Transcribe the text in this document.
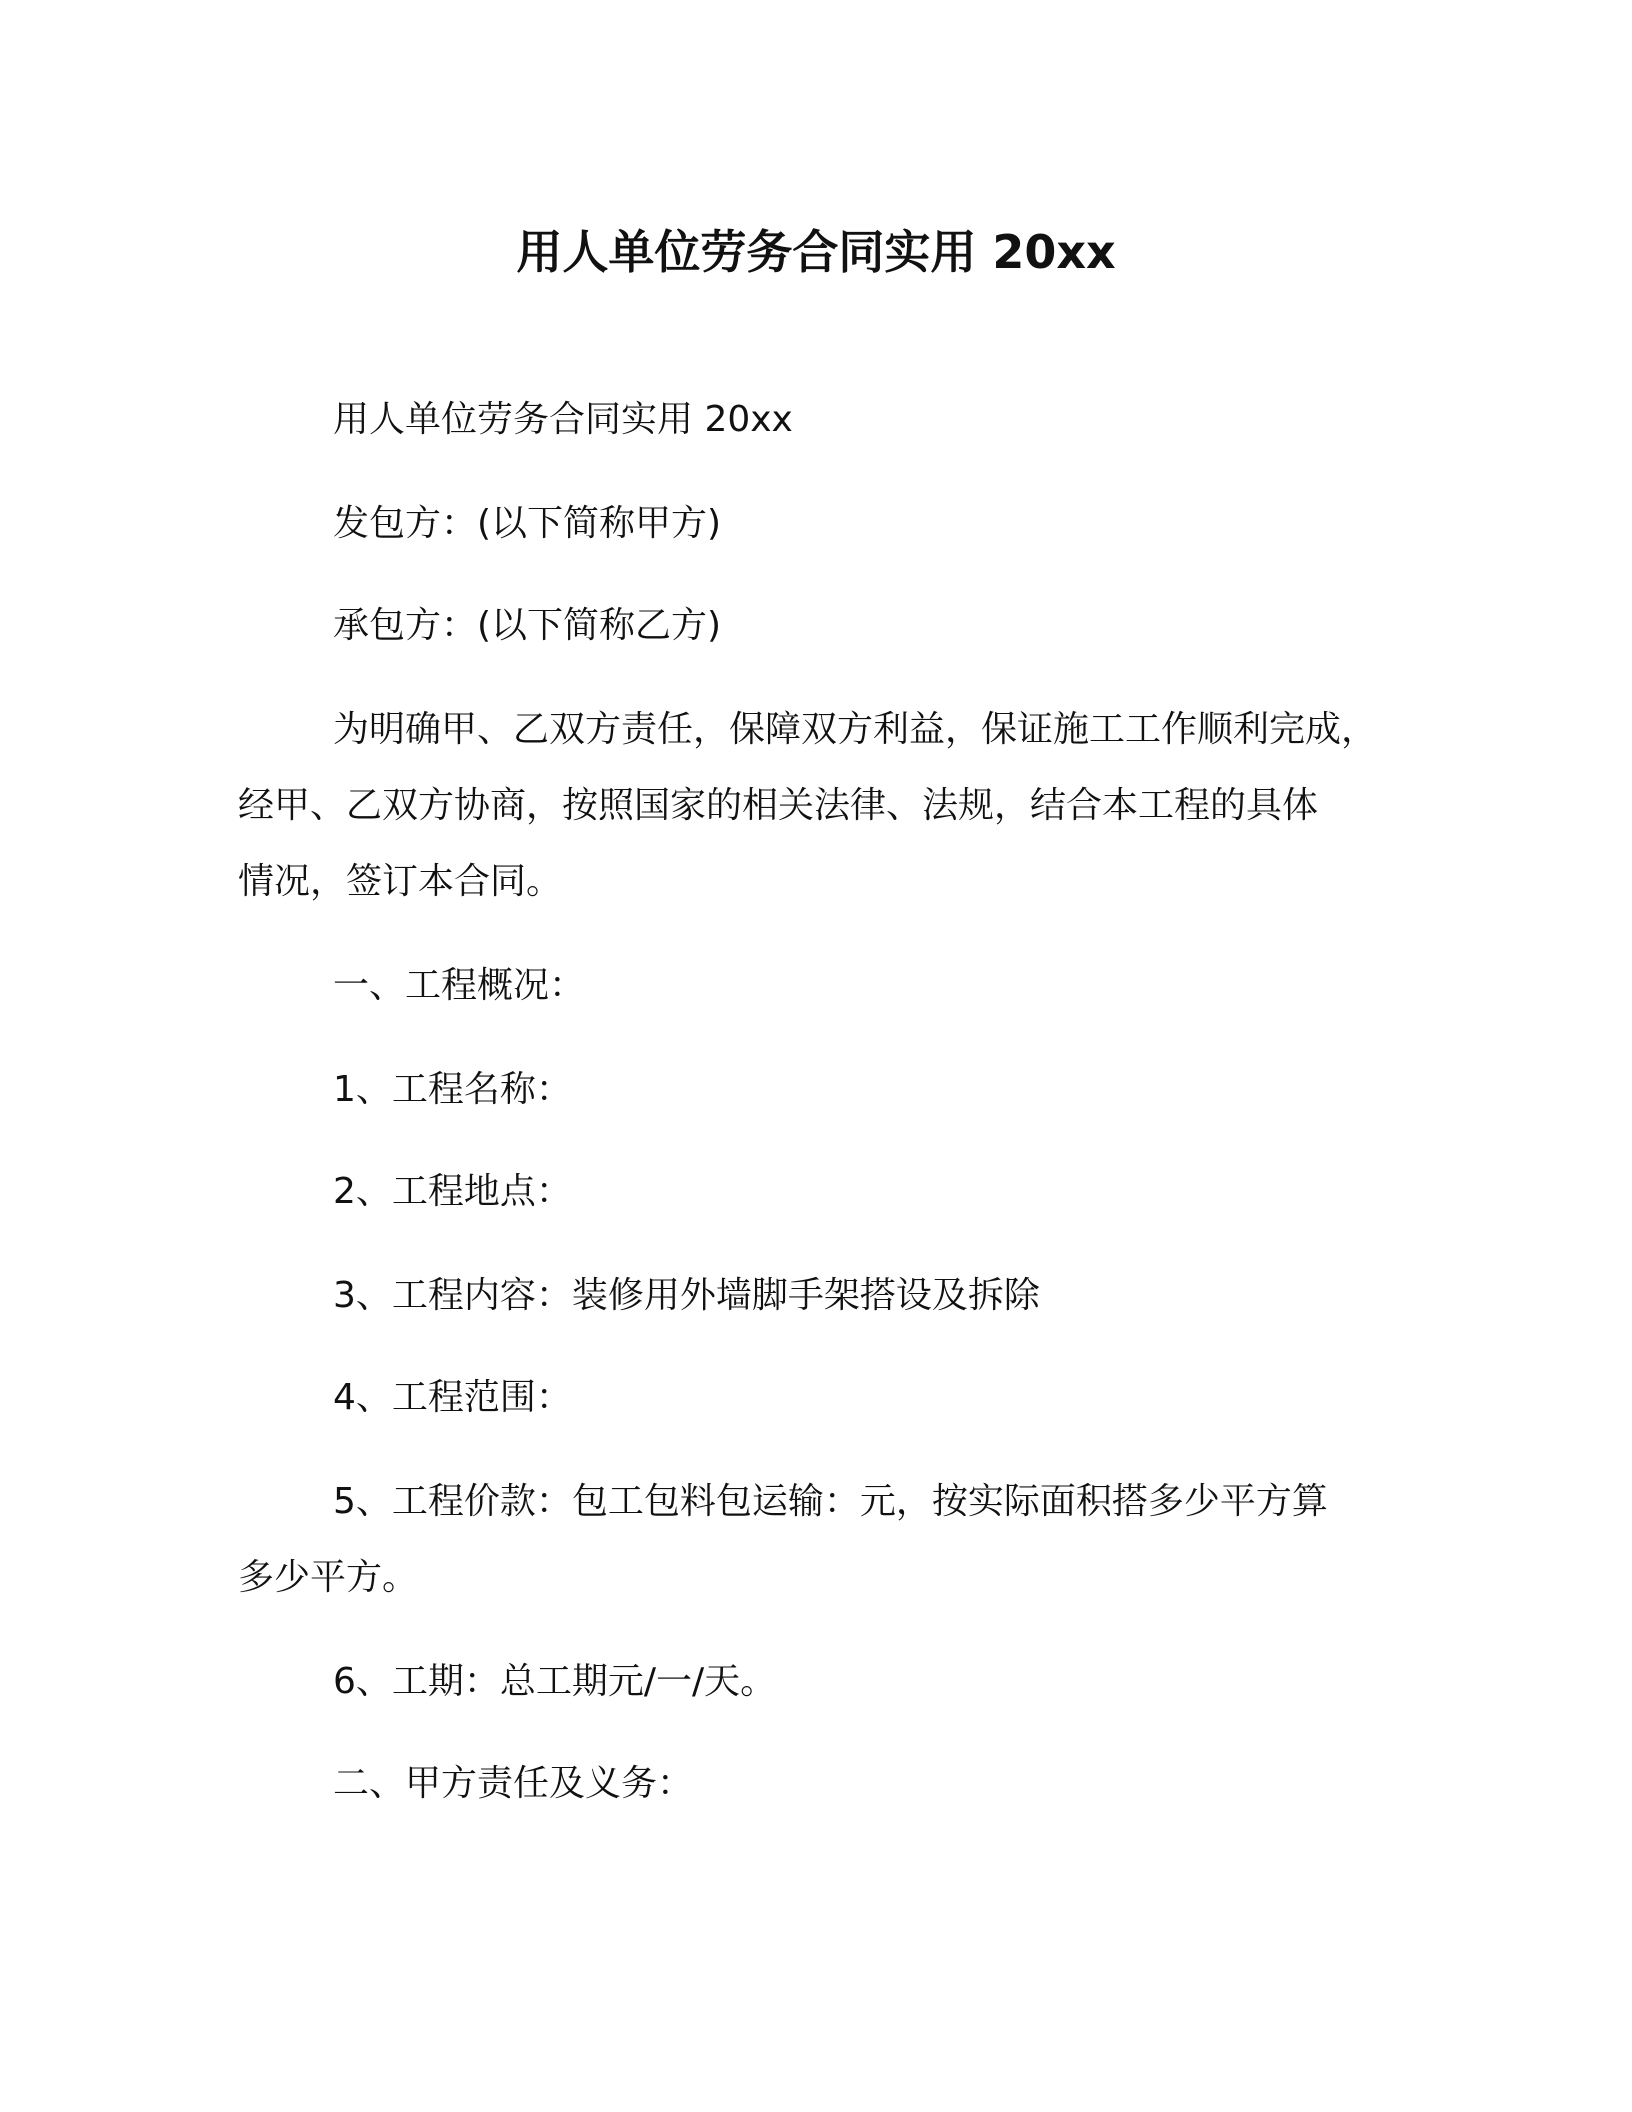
用人单位劳务合同实用 20xx
用人单位劳务合同实用 20xx
发包方：(以下简称甲方)
承包方：(以下简称乙方)
为明确甲、乙双方责任，保障双方利益，保证施工工作顺利完成，
经甲、乙双方协商，按照国家的相关法律、法规，结合本工程的具体
情况，签订本合同。
一、工程概况：
1、工程名称：
2、工程地点：
3、工程内容：装修用外墙脚手架搭设及拆除
4、工程范围：
5、工程价款：包工包料包运输：元，按实际面积搭多少平方算
多少平方。
6、工期：总工期元/一/天。
二、甲方责任及义务：
